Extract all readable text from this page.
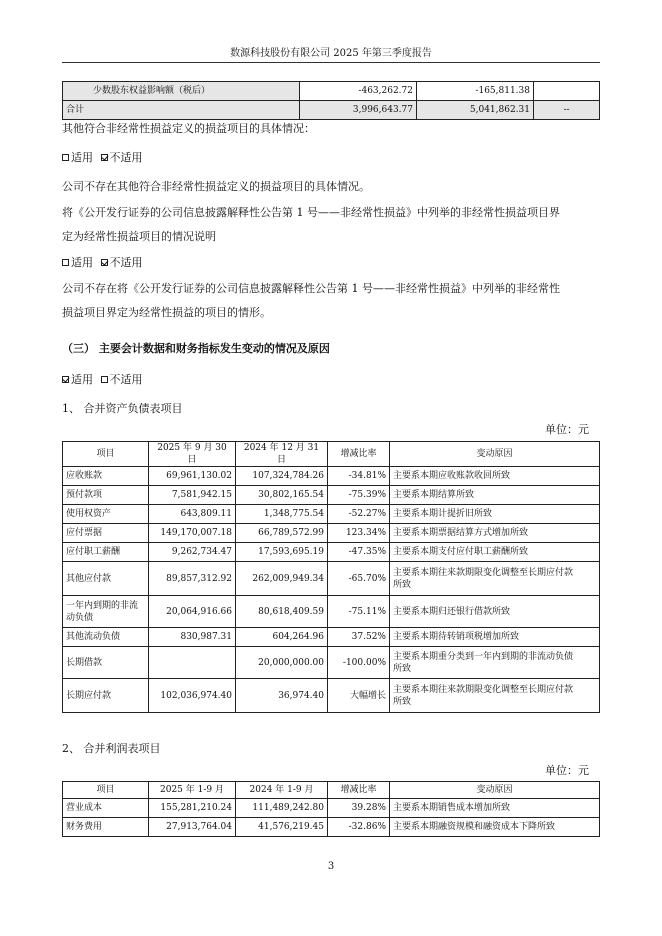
数源科技股份有限公司 2025 年第三季度报告
少数股东权益影响额（税后）	-463,262.72	-165,811.38	
合计	3,996,643.77	5,041,862.31	--
其他符合非经常性损益定义的损益项目的具体情况：
适用 不适用
公司不存在其他符合非经常性损益定义的损益项目的具体情况。
将《公开发行证券的公司信息披露解释性公告第 1 号——非经常性损益》中列举的非经常性损益项目界
定为经常性损益项目的情况说明
适用 不适用
公司不存在将《公开发行证券的公司信息披露解释性公告第 1 号——非经常性损益》中列举的非经常性
损益项目界定为经常性损益的项目的情形。
（三） 主要会计数据和财务指标发生变动的情况及原因
适用 不适用
1、 合并资产负债表项目
单位：元
项目	2025 年 9 月 30 日	2024 年 12 月 31 日	增减比率	变动原因
应收账款	69,961,130.02	107,324,784.26	-34.81%	主要系本期应收账款收回所致
预付款项	7,581,942.15	30,802,165.54	-75.39%	主要系本期结算所致
使用权资产	643,809.11	1,348,775.54	-52.27%	主要系本期计提折旧所致
应付票据	149,170,007.18	66,789,572.99	123.34%	主要系本期票据结算方式增加所致
应付职工薪酬	9,262,734.47	17,593,695.19	-47.35%	主要系本期支付应付职工薪酬所致
其他应付款	89,857,312.92	262,009,949.34	-65.70%	主要系本期往来款期限变化调整至长期应付款
所致

一年内到期的非流
动负债	20,064,916.66	80,618,409.59	-75.11%	主要系本期归还银行借款所致
其他流动负债	830,987.31	604,264.96	37.52%	主要系本期待转销项税增加所致
长期借款		20,000,000.00	-100.00%	主要系本期重分类到一年内到期的非流动负债
所致

长期应付款	102,036,974.40	36,974.40	大幅增长	主要系本期往来款期限变化调整至长期应付款
所致
2、 合并利润表项目
单位：元
项目	2025 年 1-9 月	2024 年 1-9 月	增减比率	变动原因
营业成本	155,281,210.24	111,489,242.80	39.28%	主要系本期销售成本增加所致
财务费用	27,913,764.04	41,576,219.45	-32.86%	主要系本期融资规模和融资成本下降所致
3
